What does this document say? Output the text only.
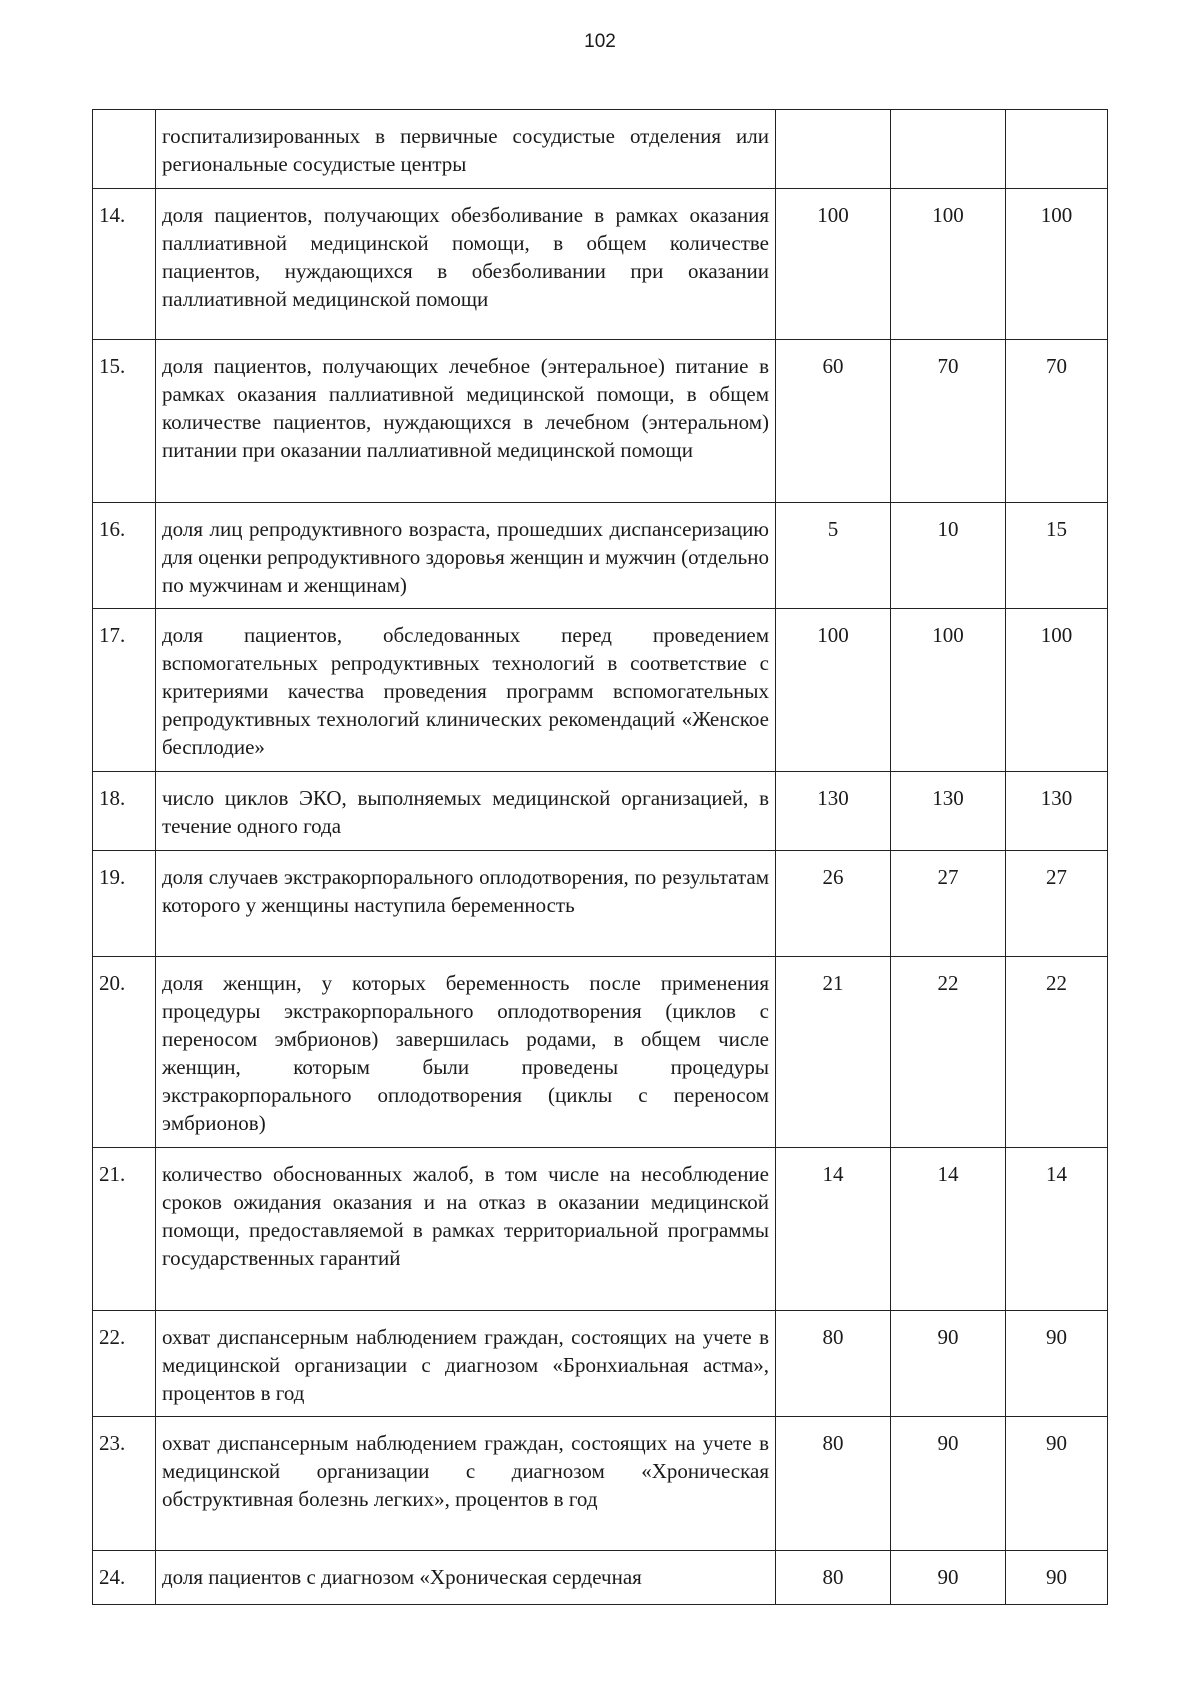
102
	госпитализированных в первичные сосудистые отделения или региональные сосудистые центры			
14.	доля пациентов, получающих обезболивание в рамках оказания паллиативной медицинской помощи, в общем количестве пациентов, нуждающихся в обезболивании при оказании паллиативной медицинской помощи	100	100	100
15.	доля пациентов, получающих лечебное (энтеральное) питание в рамках оказания паллиативной медицинской помощи, в общем количестве пациентов, нуждающихся в лечебном (энтеральном) питании при оказании паллиативной медицинской помощи	60	70	70
16.	доля лиц репродуктивного возраста, прошедших диспансеризацию для оценки репродуктивного здоровья женщин и мужчин (отдельно по мужчинам и женщинам)	5	10	15
17.	доля пациентов, обследованных перед проведением вспомогательных репродуктивных технологий в соответствие с критериями качества проведения программ вспомогательных репродуктивных технологий клинических рекомендаций «Женское бесплодие»	100	100	100
18.	число циклов ЭКО, выполняемых медицинской организацией, в течение одного года	130	130	130
19.	доля случаев экстракорпорального оплодотворения, по результатам которого у женщины наступила беременность	26	27	27
20.	доля женщин, у которых беременность после применения процедуры экстракорпорального оплодотворения (циклов с переносом эмбрионов) завершилась родами, в общем числе женщин, которым были проведены процедуры экстракорпорального оплодотворения (циклы с переносом эмбрионов)	21	22	22
21.	количество обоснованных жалоб, в том числе на несоблюдение сроков ожидания оказания и на отказ в оказании медицинской помощи, предоставляемой в рамках территориальной программы государственных гарантий	14	14	14
22.	охват диспансерным наблюдением граждан, состоящих на учете в медицинской организации с диагнозом «Бронхиальная астма», процентов в год	80	90	90
23.	охват диспансерным наблюдением граждан, состоящих на учете в медицинской организации с диагнозом «Хроническая обструктивная болезнь легких», процентов в год	80	90	90
24.	доля пациентов с диагнозом «Хроническая сердечная	80	90	90
